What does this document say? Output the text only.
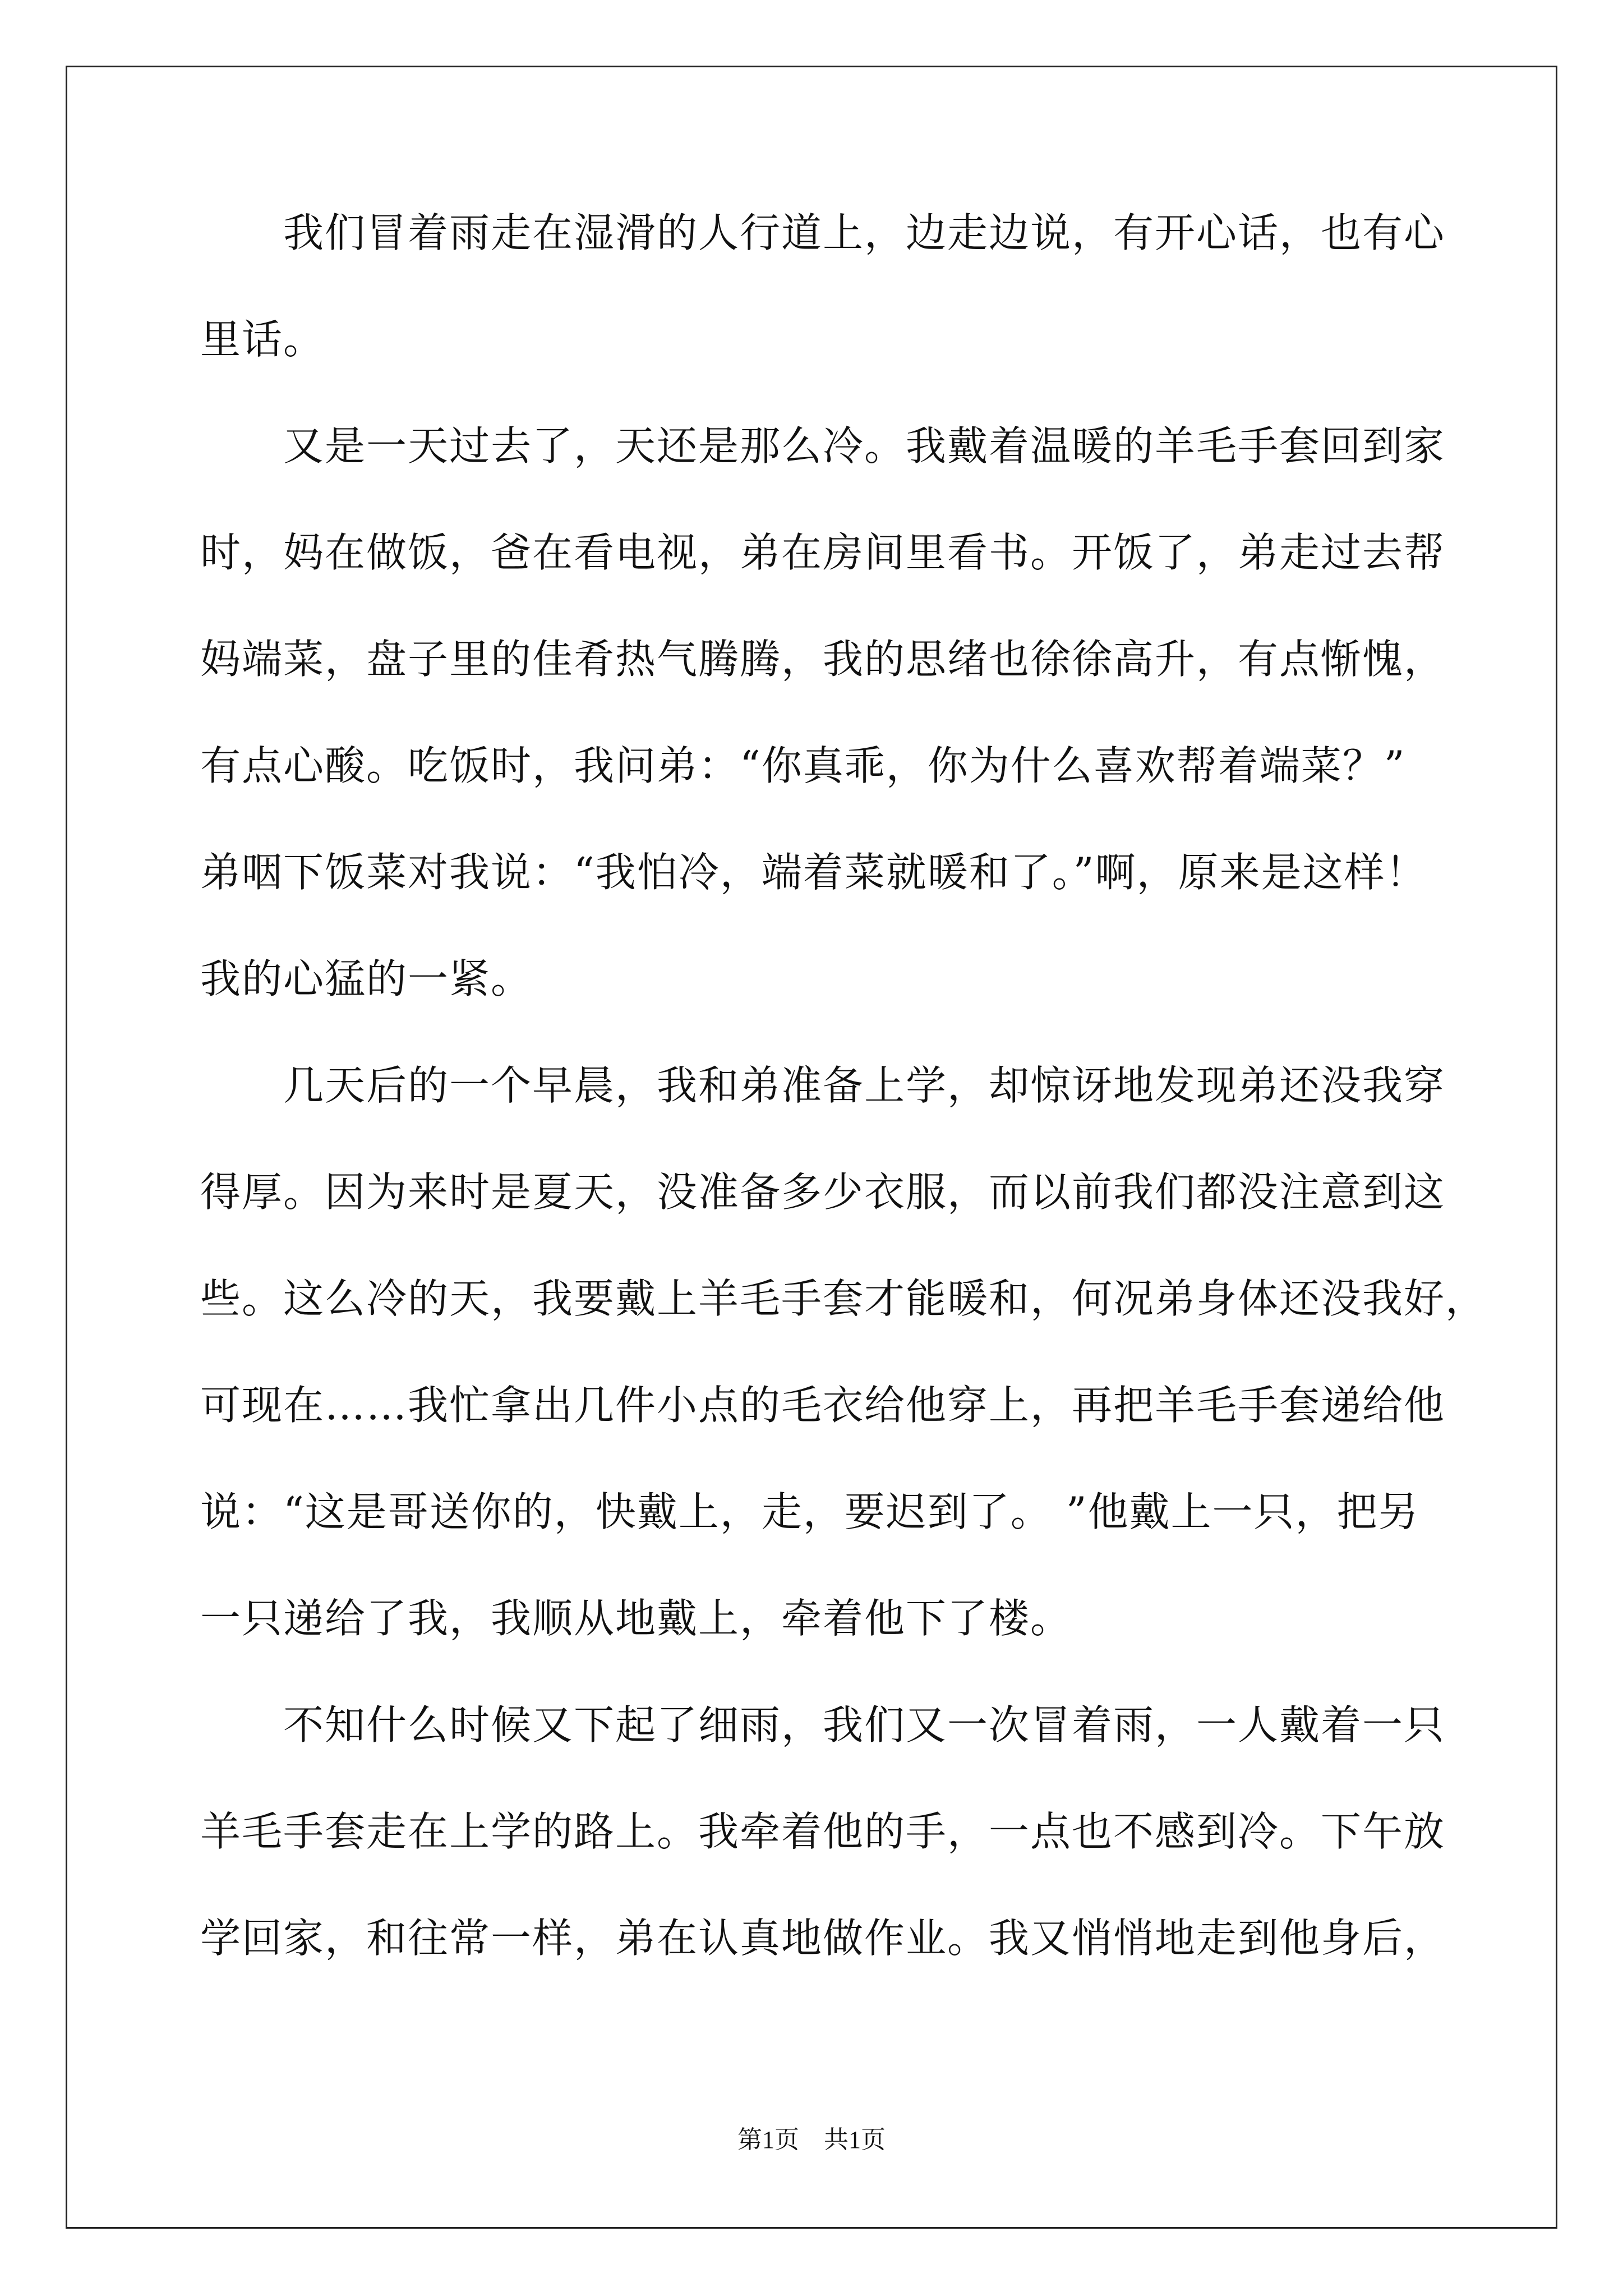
　　我们冒着雨走在湿滑的人行道上，边走边说，有开心话，也有心
里话。
　　又是一天过去了，天还是那么冷。我戴着温暖的羊毛手套回到家
时，妈在做饭，爸在看电视，弟在房间里看书。开饭了，弟走过去帮
妈端菜，盘子里的佳肴热气腾腾，我的思绪也徐徐高升，有点惭愧，
有点心酸。吃饭时，我问弟：“你真乖，你为什么喜欢帮着端菜？”
弟咽下饭菜对我说：“我怕冷，端着菜就暖和了。”啊，原来是这样！
我的心猛的一紧。
　　几天后的一个早晨，我和弟准备上学，却惊讶地发现弟还没我穿
得厚。因为来时是夏天，没准备多少衣服，而以前我们都没注意到这
些。这么冷的天，我要戴上羊毛手套才能暖和，何况弟身体还没我好，
可现在……我忙拿出几件小点的毛衣给他穿上，再把羊毛手套递给他
说：“这是哥送你的，快戴上，走，要迟到了。 ”他戴上一只，把另
一只递给了我，我顺从地戴上，牵着他下了楼。
　　不知什么时候又下起了细雨，我们又一次冒着雨，一人戴着一只
羊毛手套走在上学的路上。我牵着他的手，一点也不感到冷。下午放
学回家，和往常一样，弟在认真地做作业。我又悄悄地走到他身后，
第1页　共1页
